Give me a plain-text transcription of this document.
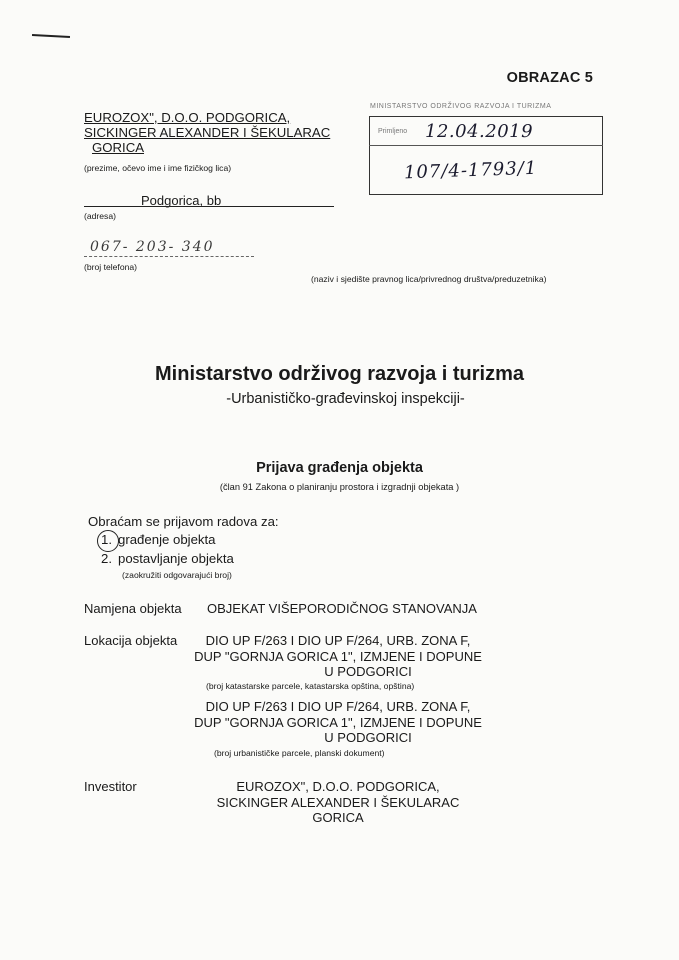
OBRAZAC 5
EUROZOX", D.O.O. PODGORICA,
SICKINGER ALEXANDER I ŠEKULARAC
GORICA
(prezime, očevo ime i ime fizičkog lica)
Podgorica, bb
(adresa)
067- 203- 340
(broj telefona)
(naziv i sjedište pravnog lica/privrednog društva/preduzetnika)
MINISTARSTVO ODRŽIVOG RAZVOJA I TURIZMA
Primljeno 12.04.2019
107/4-1793/1
Ministarstvo održivog razvoja i turizma
-Urbanističko-građevinskoj inspekciji-
Prijava građenja objekta
(član 91 Zakona o planiranju prostora i izgradnji objekata )
Obraćam se prijavom radova za:
1. građenje objekta
2. postavljanje objekta
(zaokružiti odgovarajući broj)
Namjena objekta OBJEKAT VIŠEPORODIČNOG STANOVANJA
Lokacija objekta	DIO UP F/263 I DIO UP F/264, URB. ZONA F,
DUP "GORNJA GORICA 1", IZMJENE I DOPUNE
U PODGORICI
(broj katastarske parcele, katastarska opština, opština)
DIO UP F/263 I DIO UP F/264, URB. ZONA F,
DUP "GORNJA GORICA 1", IZMJENE I DOPUNE
U PODGORICI
(broj urbanističke parcele, planski dokument)
Investitor	EUROZOX", D.O.O. PODGORICA,
SICKINGER ALEXANDER I ŠEKULARAC GORICA
